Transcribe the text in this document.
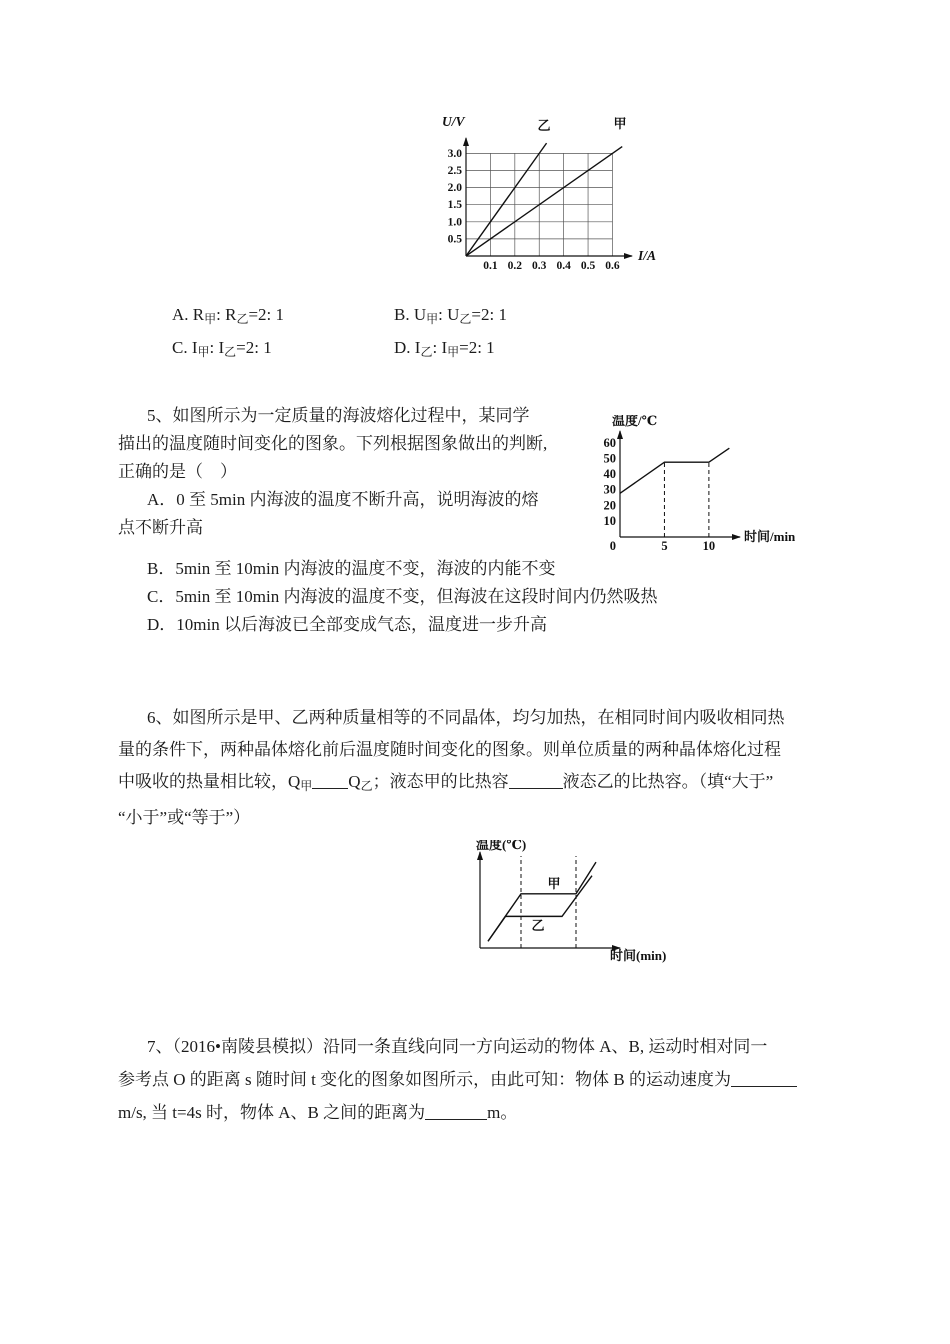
0.5
1.0
1.5
2.0
2.5
3.0
0.1 0.2 0.3 0.4 0.5 0.6
U/V
I/A
乙	甲
A. $R_甲$: $R_乙=2$: 1	B. $U_甲$: $U_乙=2$: 1
C. $I_甲$: $I_乙=2$: 1	D. $I_乙$: $I_甲=2$: 1
10
20
30
40
50
60
5	10
0
温度/℃
时间/min
5、如图所示为一定质量的海波熔化过程中，某同学
描出的温度随时间变化的图象。下列根据图象做出的判断,
正确的是（　）
A．0 至 5min 内海波的温度不断升高，说明海波的熔
点不断升高
B．5min 至 10min 内海波的温度不变，海波的内能不变
C．5min 至 10min 内海波的温度不变，但海波在这段时间内仍然吸热
D．10min 以后海波已全部变成气态，温度进一步升高
6、如图所示是甲、乙两种质量相等的不同晶体，均匀加热，在相同时间内吸收相同热
量的条件下，两种晶体熔化前后温度随时间变化的图象。则单位质量的两种晶体熔化过程
中吸收的热量相比较，$Q_甲$ $Q_乙$；液态甲的比热容	液态乙的比热容。（填“大于”
“小于”或“等于”）
温度(℃)
时间(min)
甲
乙
7、（2016•南陵县模拟）沿同一条直线向同一方向运动的物体 A、B, 运动时相对同一
参考点 O 的距离 s 随时间 t 变化的图象如图所示，由此可知：物体 B 的运动速度为
m/s, 当 t=4s 时，物体 A、B 之间的距离为	m。
